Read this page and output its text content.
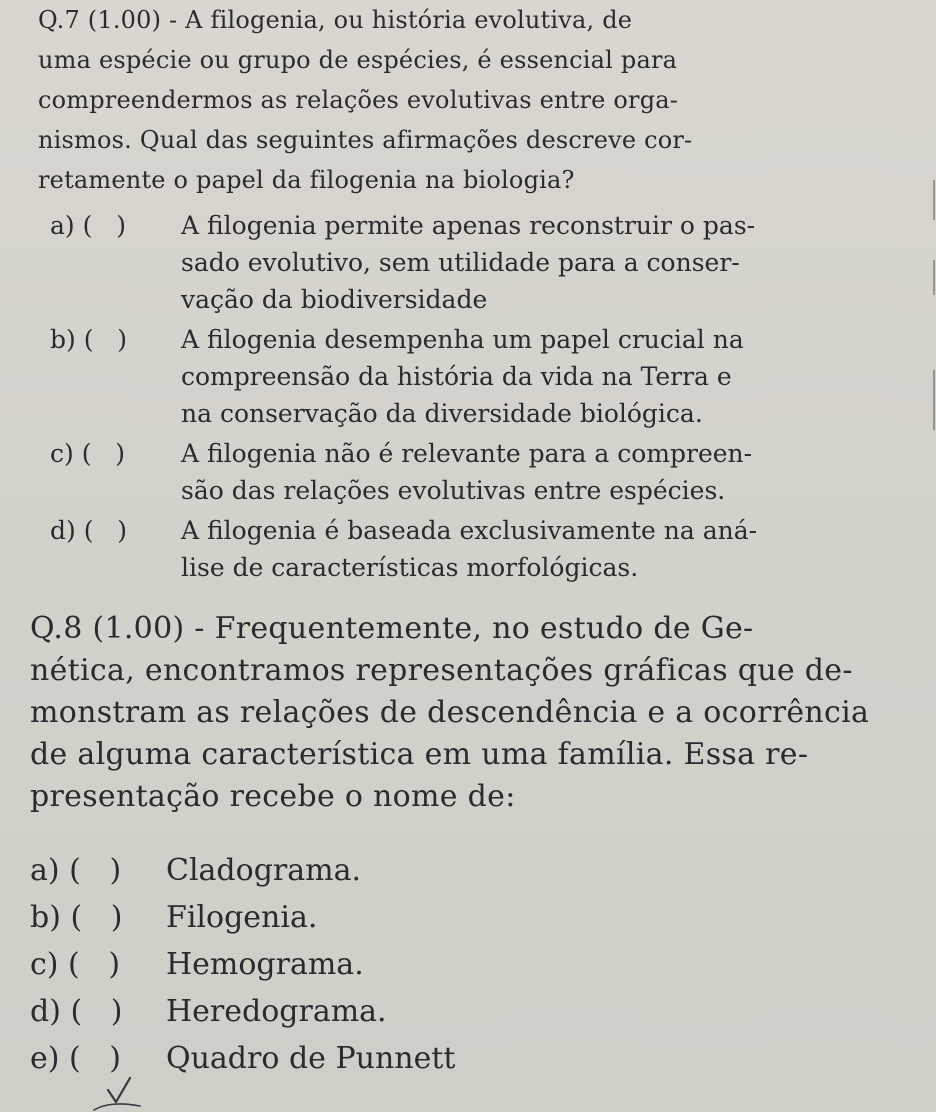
Q.7 (1.00) - A filogenia, ou história evolutiva, de
uma espécie ou grupo de espécies, é essencial para
compreendermos as relações evolutivas entre orga-
nismos. Qual das seguintes afirmações descreve cor-
retamente o papel da filogenia na biologia?
a) (   ) A filogenia permite apenas reconstruir o pas-
sado evolutivo, sem utilidade para a conser-
vação da biodiversidade
b) (   ) A filogenia desempenha um papel crucial na
compreensão da história da vida na Terra e
na conservação da diversidade biológica.
c) (   ) A filogenia não é relevante para a compreen-
são das relações evolutivas entre espécies.
d) (   ) A filogenia é baseada exclusivamente na aná-
lise de características morfológicas.
Q.8 (1.00) - Frequentemente, no estudo de Ge-
nética, encontramos representações gráficas que de-
monstram as relações de descendência e a ocorrência
de alguma característica em uma família. Essa re-
presentação recebe o nome de:
a) (   )	Cladograma.
b) (   )	Filogenia.
c) (   )	Hemograma.
d) (   )	Heredograma.
e) (   )	Quadro de Punnett
